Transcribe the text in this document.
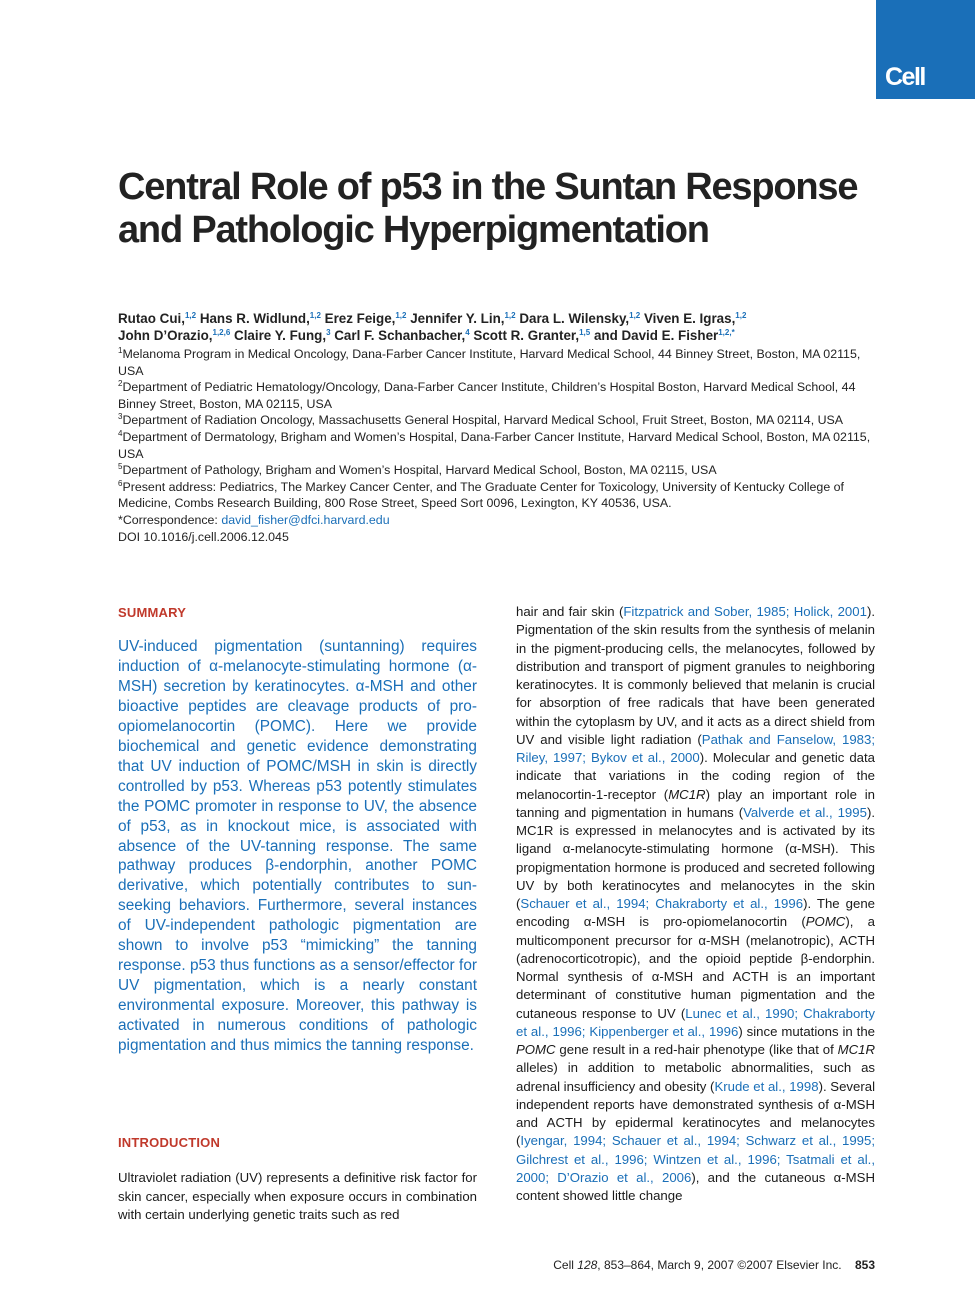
Cell
Central Role of p53 in the Suntan Response and Pathologic Hyperpigmentation

Rutao Cui,$^{1,2}$ Hans R. Widlund,$^{1,2}$ Erez Feige,$^{1,2}$ Jennifer Y. Lin,$^{1,2}$ Dara L. Wilensky,$^{1,2}$ Viven E. Igras,$^{1,2}$
John D’Orazio,$^{1,2,6}$ Claire Y. Fung,$^3$ Carl F. Schanbacher,$^4$ Scott R. Granter,$^{1,5}$ and David E. Fisher$^{1,2,*}$

$^1$Melanoma Program in Medical Oncology, Dana-Farber Cancer Institute, Harvard Medical School, 44 Binney Street, Boston, MA 02115, USA

$^2$Department of Pediatric Hematology/Oncology, Dana-Farber Cancer Institute, Children’s Hospital Boston, Harvard Medical School, 44 Binney Street, Boston, MA 02115, USA

$^3$Department of Radiation Oncology, Massachusetts General Hospital, Harvard Medical School, Fruit Street, Boston, MA 02114, USA

$^4$Department of Dermatology, Brigham and Women’s Hospital, Dana-Farber Cancer Institute, Harvard Medical School, Boston, MA 02115, USA

$^5$Department of Pathology, Brigham and Women’s Hospital, Harvard Medical School, Boston, MA 02115, USA

$^6$Present address: Pediatrics, The Markey Cancer Center, and The Graduate Center for Toxicology, University of Kentucky College of Medicine, Combs Research Building, 800 Rose Street, Speed Sort 0096, Lexington, KY 40536, USA.

*Correspondence: david_fisher@dfci.harvard.edu

DOI 10.1016/j.cell.2006.12.045

SUMMARY

UV-induced pigmentation (suntanning) requires induction of α-melanocyte-stimulating hormone (α-MSH) secretion by keratinocytes. α-MSH and other bioactive peptides are cleavage products of pro-opiomelanocortin (POMC). Here we provide biochemical and genetic evidence demonstrating that UV induction of POMC/MSH in skin is directly controlled by p53. Whereas p53 potently stimulates the POMC promoter in response to UV, the absence of p53, as in knockout mice, is associated with absence of the UV-tanning response. The same pathway produces β-endorphin, another POMC derivative, which potentially contributes to sun-seeking behaviors. Furthermore, several instances of UV-independent pathologic pigmentation are shown to involve p53 “mimicking” the tanning response. p53 thus functions as a sensor/effector for UV pigmentation, which is a nearly constant environmental exposure. Moreover, this pathway is activated in numerous conditions of pathologic pigmentation and thus mimics the tanning response.

INTRODUCTION

Ultraviolet radiation (UV) represents a definitive risk factor for skin cancer, especially when exposure occurs in combination with certain underlying genetic traits such as red

hair and fair skin (Fitzpatrick and Sober, 1985; Holick, 2001). Pigmentation of the skin results from the synthesis of melanin in the pigment-producing cells, the melanocytes, followed by distribution and transport of pigment granules to neighboring keratinocytes. It is commonly believed that melanin is crucial for absorption of free radicals that have been generated within the cytoplasm by UV, and it acts as a direct shield from UV and visible light radiation (Pathak and Fanselow, 1983; Riley, 1997; Bykov et al., 2000). Molecular and genetic data indicate that variations in the coding region of the melanocortin-1-receptor (MC1R) play an important role in tanning and pigmentation in humans (Valverde et al., 1995). MC1R is expressed in melanocytes and is activated by its ligand α-melanocyte-stimulating hormone (α-MSH). This propigmentation hormone is produced and secreted following UV by both keratinocytes and melanocytes in the skin (Schauer et al., 1994; Chakraborty et al., 1996). The gene encoding α-MSH is pro-opiomelanocortin (POMC), a multicomponent precursor for α-MSH (melanotropic), ACTH (adrenocorticotropic), and the opioid peptide β-endorphin. Normal synthesis of α-MSH and ACTH is an important determinant of constitutive human pigmentation and the cutaneous response to UV (Lunec et al., 1990; Chakraborty et al., 1996; Kippenberger et al., 1996) since mutations in the POMC gene result in a red-hair phenotype (like that of MC1R alleles) in addition to metabolic abnormalities, such as adrenal insufficiency and obesity (Krude et al., 1998). Several independent reports have demonstrated synthesis of α-MSH and ACTH by epidermal keratinocytes and melanocytes (Iyengar, 1994; Schauer et al., 1994; Schwarz et al., 1995; Gilchrest et al., 1996; Wintzen et al., 1996; Tsatmali et al., 2000; D’Orazio et al., 2006), and the cutaneous α-MSH content showed little change

Cell 128, 853–864, March 9, 2007 ©2007 Elsevier Inc. 853
